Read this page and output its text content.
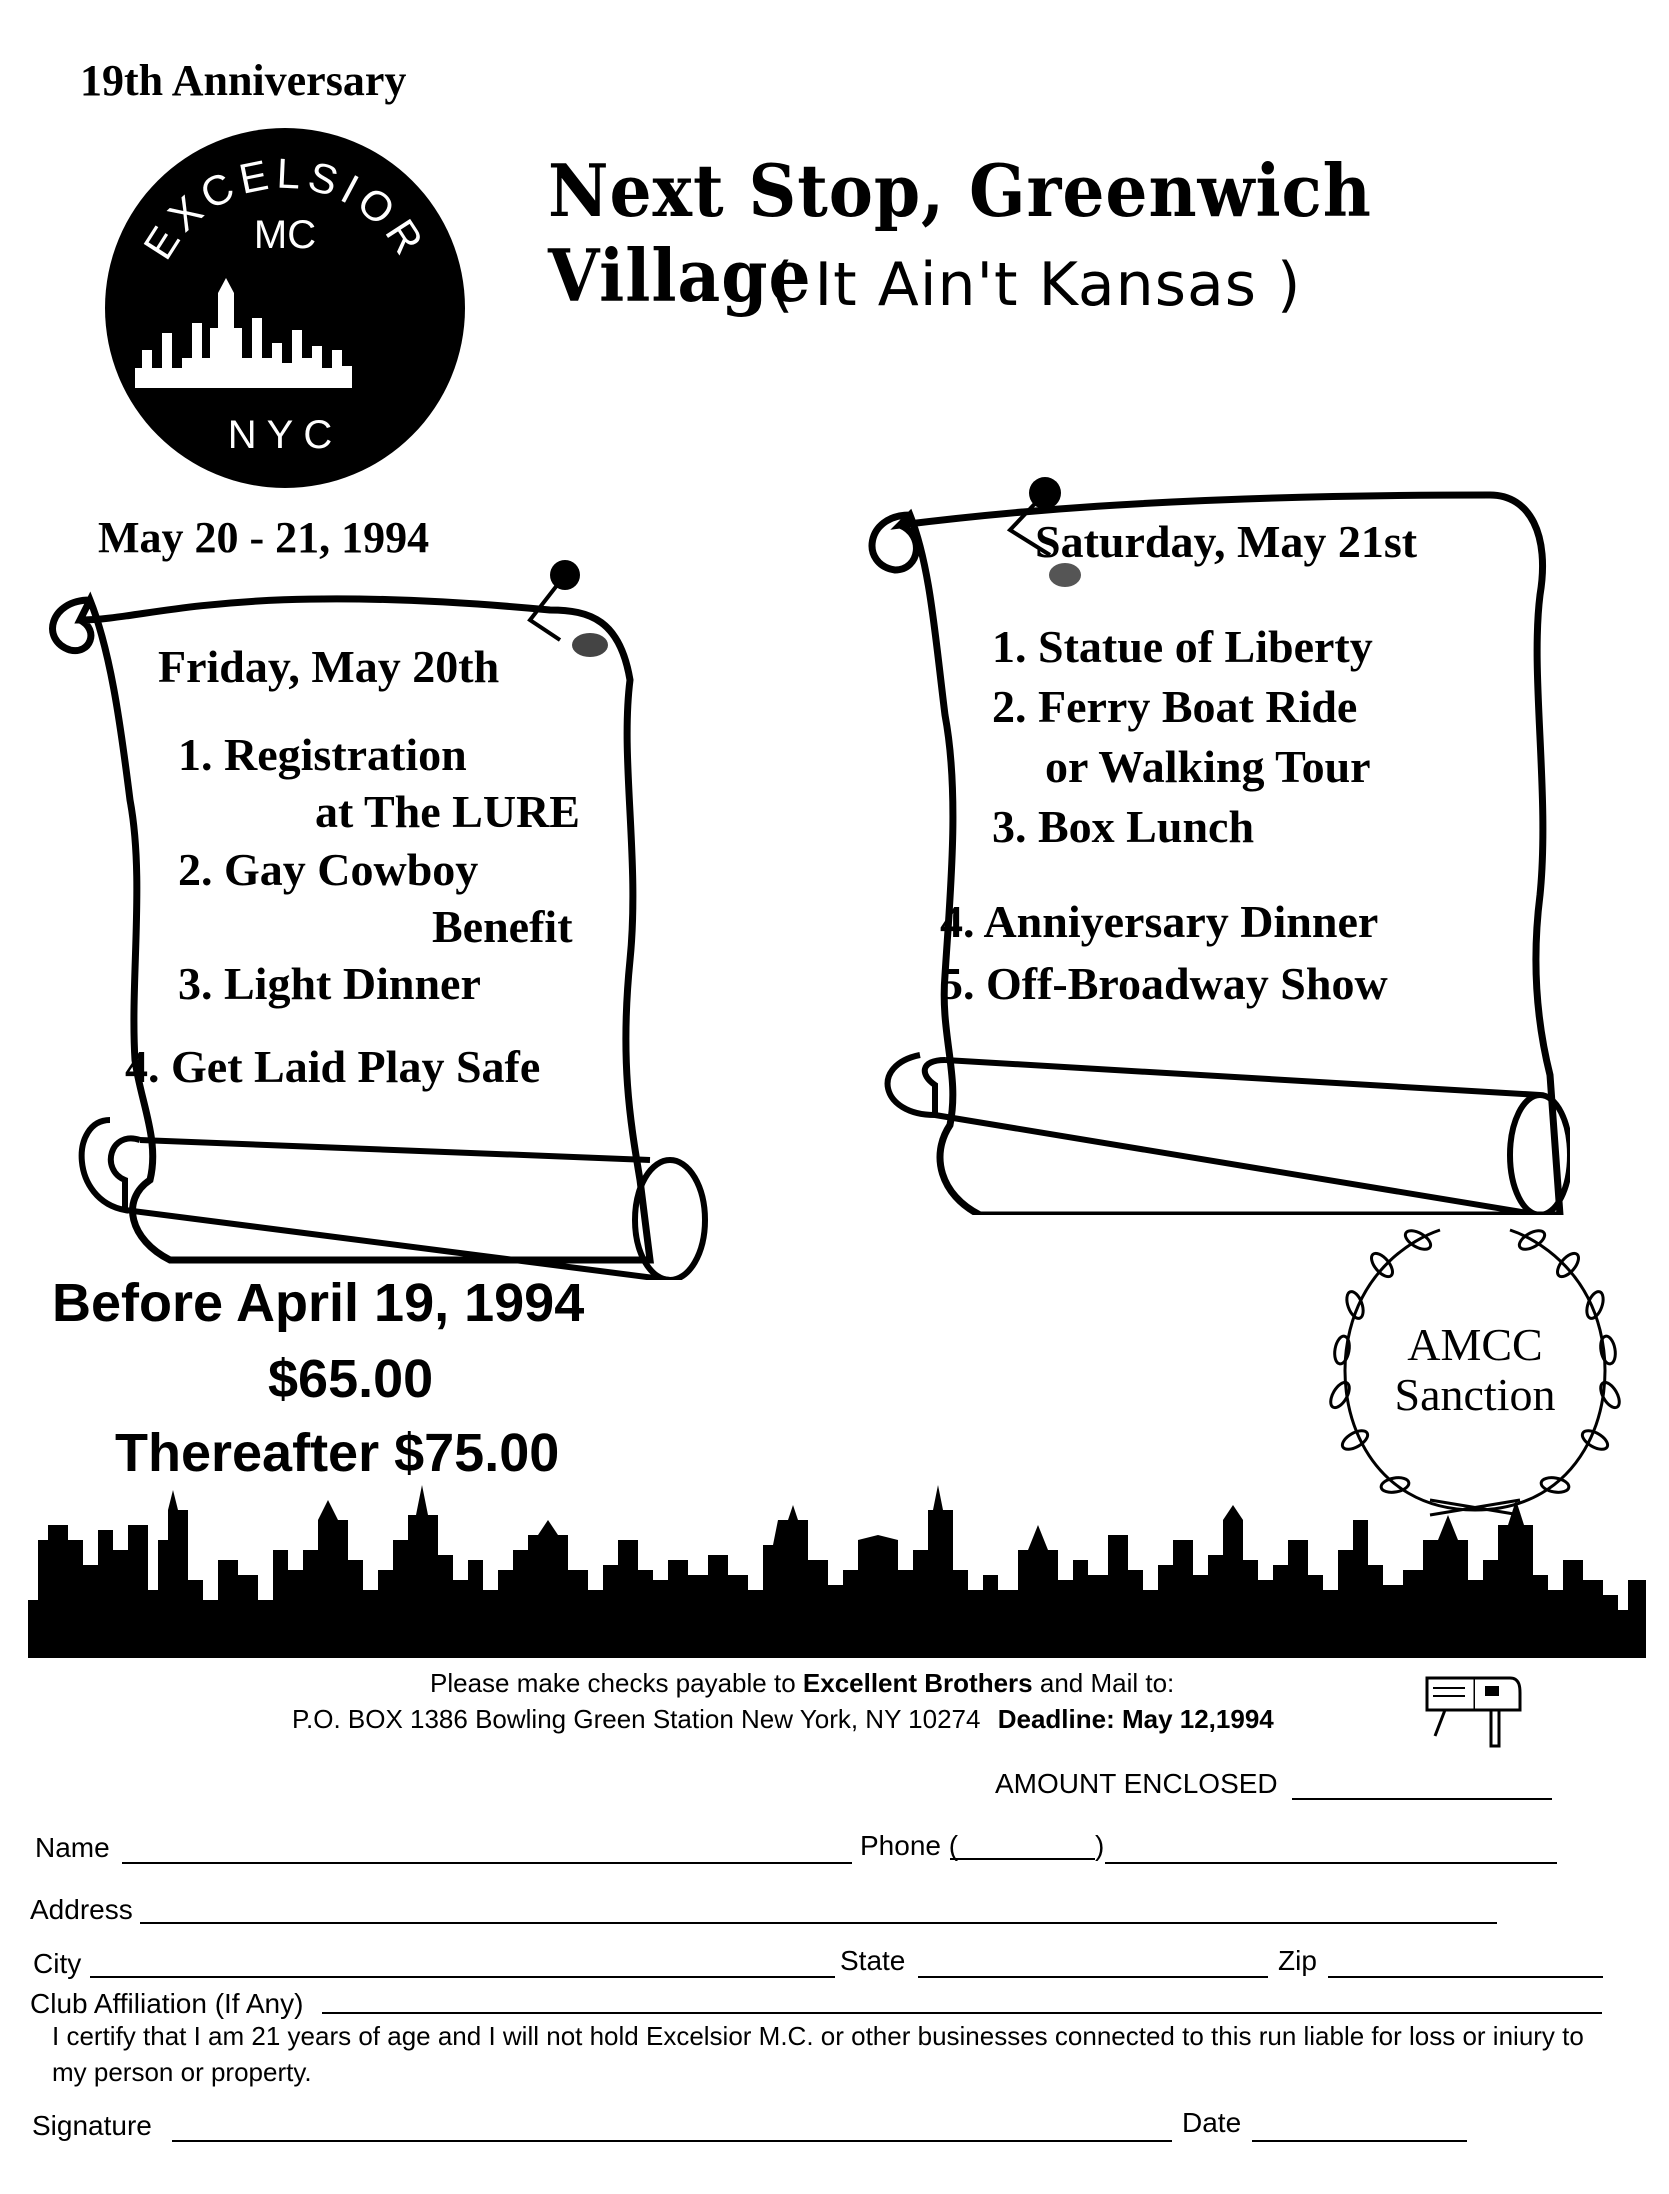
19th Anniversary
EXCELSIOR
MC
NYC
Next Stop, Greenwich Village
( It Ain't Kansas )
May 20 - 21, 1994
Friday, May 20th
1. Registration
at The LURE
2. Gay Cowboy
Benefit
3. Light Dinner
4. Get Laid Play Safe
Saturday, May 21st
1. Statue of Liberty
2. Ferry Boat Ride
or Walking Tour
3. Box Lunch
4. Anniyersary Dinner
5. Off-Broadway Show
Before April 19, 1994
$65.00
Thereafter $75.00
AMCC
Sanction
Please make checks payable to Excellent Brothers and Mail to:
P.O. BOX 1386 Bowling Green Station New York, NY 10274 Deadline: May 12,1994
AMOUNT ENCLOSED
Name	Phone (	)
Address
City	State	Zip
Club Affiliation (If Any)
I certify that I am 21 years of age and I will not hold Excelsior M.C. or other businesses connected to this run liable for loss or iniury to my person or property.
Signature	Date
